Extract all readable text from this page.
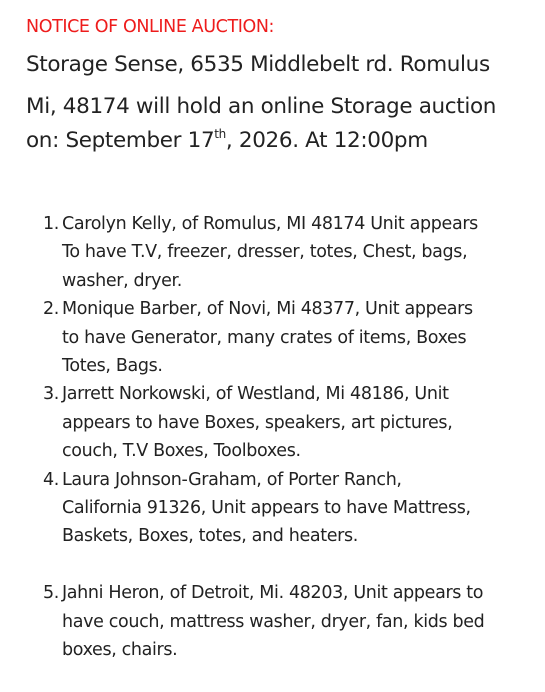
NOTICE OF ONLINE AUCTION:
Storage Sense, 6535 Middlebelt rd. Romulus
Mi, 48174 will hold an online Storage auction
on: September 17th, 2026. At 12:00pm
1. Carolyn Kelly, of Romulus, MI 48174 Unit appears
To have T.V, freezer, dresser, totes, Chest, bags,
washer, dryer.
2. Monique Barber, of Novi, Mi 48377, Unit appears
to have Generator, many crates of items, Boxes
Totes, Bags.
3. Jarrett Norkowski, of Westland, Mi 48186, Unit
appears to have Boxes, speakers, art pictures,
couch, T.V Boxes, Toolboxes.
4. Laura Johnson-Graham, of Porter Ranch,
California 91326, Unit appears to have Mattress,
Baskets, Boxes, totes, and heaters.
5. Jahni Heron, of Detroit, Mi. 48203, Unit appears to
have couch, mattress washer, dryer, fan, kids bed
boxes, chairs.
